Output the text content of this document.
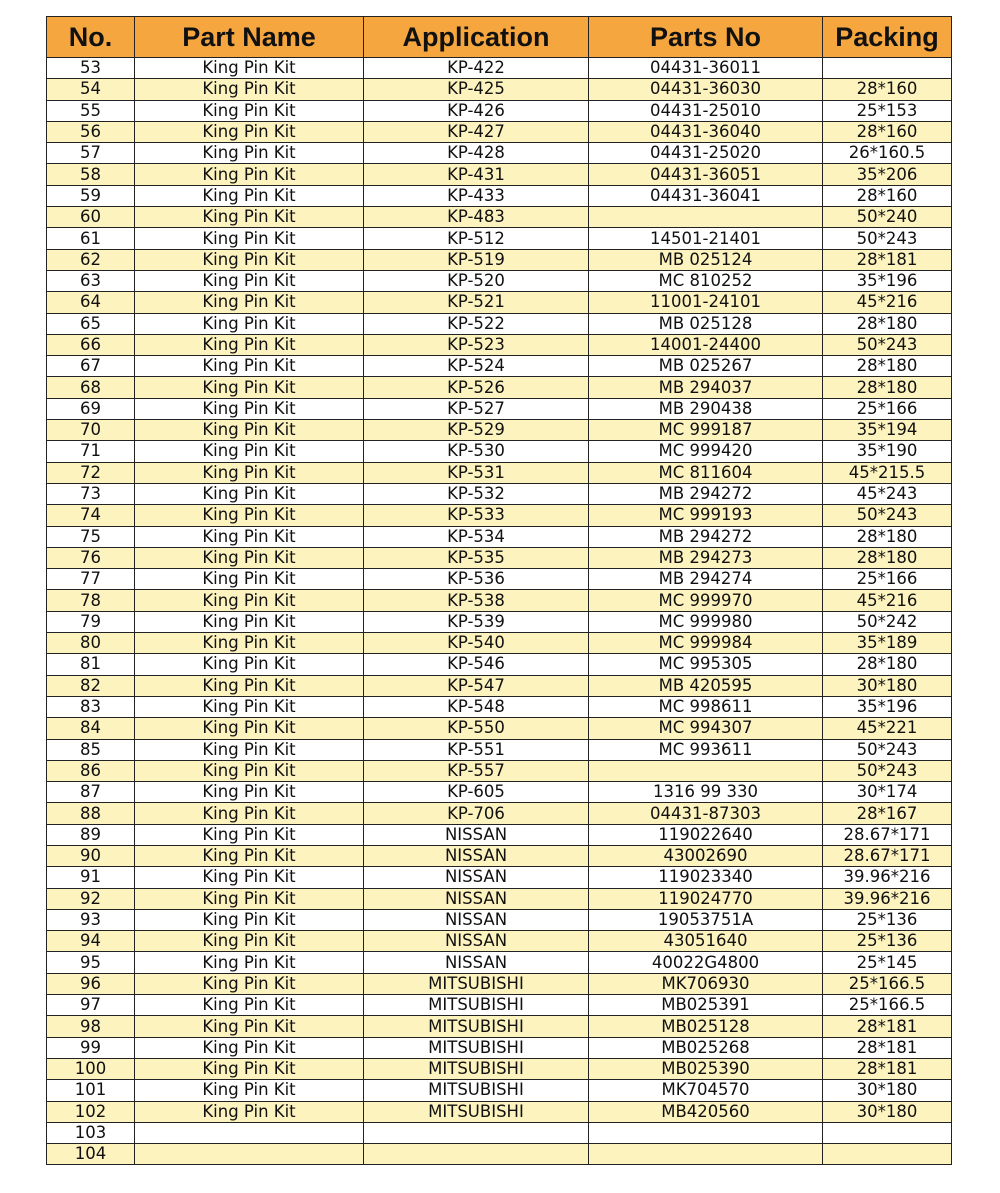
No.	Part Name	Application	Parts No	Packing
53	King Pin Kit	KP-422	04431-36011	
54	King Pin Kit	KP-425	04431-36030	28*160
55	King Pin Kit	KP-426	04431-25010	25*153
56	King Pin Kit	KP-427	04431-36040	28*160
57	King Pin Kit	KP-428	04431-25020	26*160.5
58	King Pin Kit	KP-431	04431-36051	35*206
59	King Pin Kit	KP-433	04431-36041	28*160
60	King Pin Kit	KP-483		50*240
61	King Pin Kit	KP-512	14501-21401	50*243
62	King Pin Kit	KP-519	MB 025124	28*181
63	King Pin Kit	KP-520	MC 810252	35*196
64	King Pin Kit	KP-521	11001-24101	45*216
65	King Pin Kit	KP-522	MB 025128	28*180
66	King Pin Kit	KP-523	14001-24400	50*243
67	King Pin Kit	KP-524	MB 025267	28*180
68	King Pin Kit	KP-526	MB 294037	28*180
69	King Pin Kit	KP-527	MB 290438	25*166
70	King Pin Kit	KP-529	MC 999187	35*194
71	King Pin Kit	KP-530	MC 999420	35*190
72	King Pin Kit	KP-531	MC 811604	45*215.5
73	King Pin Kit	KP-532	MB 294272	45*243
74	King Pin Kit	KP-533	MC 999193	50*243
75	King Pin Kit	KP-534	MB 294272	28*180
76	King Pin Kit	KP-535	MB 294273	28*180
77	King Pin Kit	KP-536	MB 294274	25*166
78	King Pin Kit	KP-538	MC 999970	45*216
79	King Pin Kit	KP-539	MC 999980	50*242
80	King Pin Kit	KP-540	MC 999984	35*189
81	King Pin Kit	KP-546	MC 995305	28*180
82	King Pin Kit	KP-547	MB 420595	30*180
83	King Pin Kit	KP-548	MC 998611	35*196
84	King Pin Kit	KP-550	MC 994307	45*221
85	King Pin Kit	KP-551	MC 993611	50*243
86	King Pin Kit	KP-557		50*243
87	King Pin Kit	KP-605	1316 99 330	30*174
88	King Pin Kit	KP-706	04431-87303	28*167
89	King Pin Kit	NISSAN	119022640	28.67*171
90	King Pin Kit	NISSAN	43002690	28.67*171
91	King Pin Kit	NISSAN	119023340	39.96*216
92	King Pin Kit	NISSAN	119024770	39.96*216
93	King Pin Kit	NISSAN	19053751A	25*136
94	King Pin Kit	NISSAN	43051640	25*136
95	King Pin Kit	NISSAN	40022G4800	25*145
96	King Pin Kit	MITSUBISHI	MK706930	25*166.5
97	King Pin Kit	MITSUBISHI	MB025391	25*166.5
98	King Pin Kit	MITSUBISHI	MB025128	28*181
99	King Pin Kit	MITSUBISHI	MB025268	28*181
100	King Pin Kit	MITSUBISHI	MB025390	28*181
101	King Pin Kit	MITSUBISHI	MK704570	30*180
102	King Pin Kit	MITSUBISHI	MB420560	30*180
103				
104				
